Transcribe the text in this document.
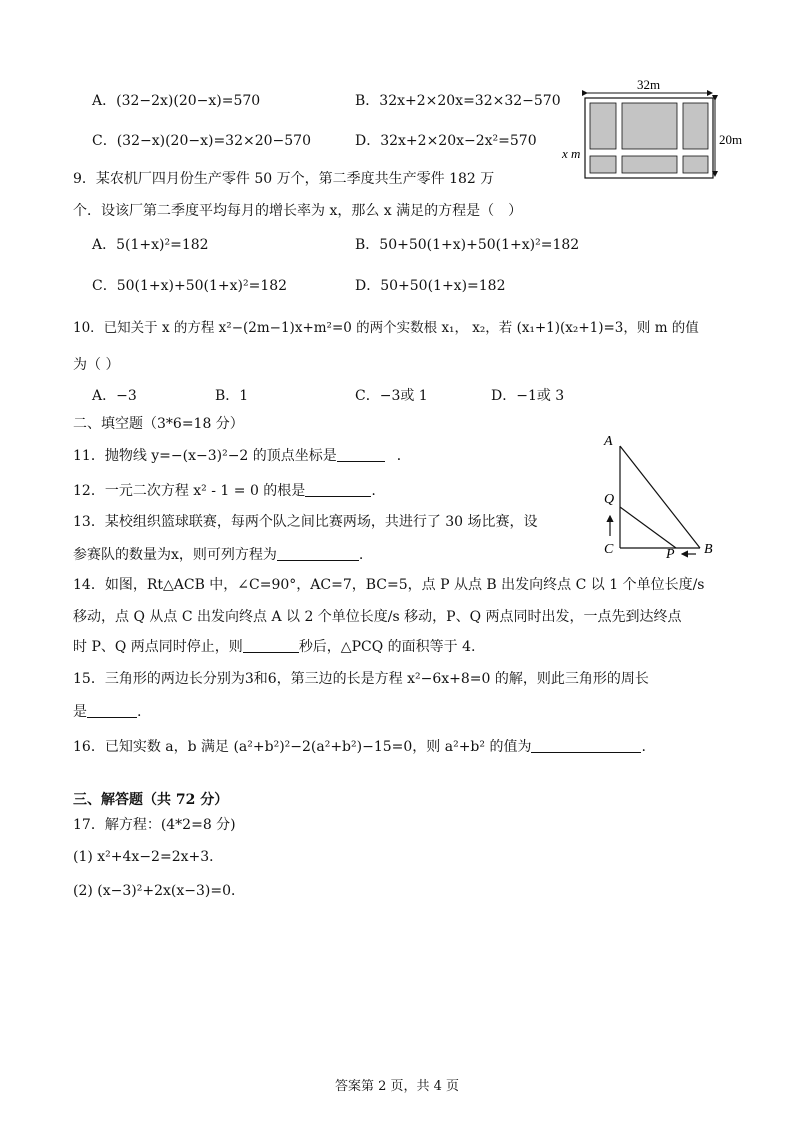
A．(32−2x)(20−x)=570	B．32x+2×20x=32×32−570
C．(32−x)(20−x)=32×20−570	D．32x+2×20x−2x²=570
32m
20m
x m
9．某农机厂四月份生产零件 50 万个，第二季度共生产零件 182 万
个．设该厂第二季度平均每月的增长率为 x，那么 x 满足的方程是（　）
A．5(1+x)²=182	B．50+50(1+x)+50(1+x)²=182
C．50(1+x)+50(1+x)²=182	D．50+50(1+x)=182
10．已知关于 x 的方程 x²−(2m−1)x+m²=0 的两个实数根 x₁， x₂，若 (x₁+1)(x₂+1)=3，则 m 的值
为（ ）
A．−3	B．1	C．−3或 1	D．−1或 3
二、填空题（3*6=18 分）
11．抛物线 y=−(x−3)²−2 的顶点坐标是	．
12．一元二次方程 x² - 1 = 0 的根是	.
13．某校组织篮球联赛，每两个队之间比赛两场，共进行了 30 场比赛，设
参赛队的数量为x，则可列方程为	.
A
Q
C	P B
14．如图，Rt△ACB 中，∠C=90°，AC=7，BC=5，点 P 从点 B 出发向终点 C 以 1 个单位长度/s
移动，点 Q 从点 C 出发向终点 A 以 2 个单位长度/s 移动，P、Q 两点同时出发，一点先到达终点
时 P、Q 两点同时停止，则	秒后，△PCQ 的面积等于 4.
15．三角形的两边长分别为3和6，第三边的长是方程 x²−6x+8=0 的解，则此三角形的周长
是	.
16．已知实数 a，b 满足 (a²+b²)²−2(a²+b²)−15=0，则 a²+b² 的值为	.
三、解答题（共 72 分）
17．解方程：(4*2=8 分)
(1) x²+4x−2=2x+3．
(2) (x−3)²+2x(x−3)=0．
答案第 2 页，共 4 页
